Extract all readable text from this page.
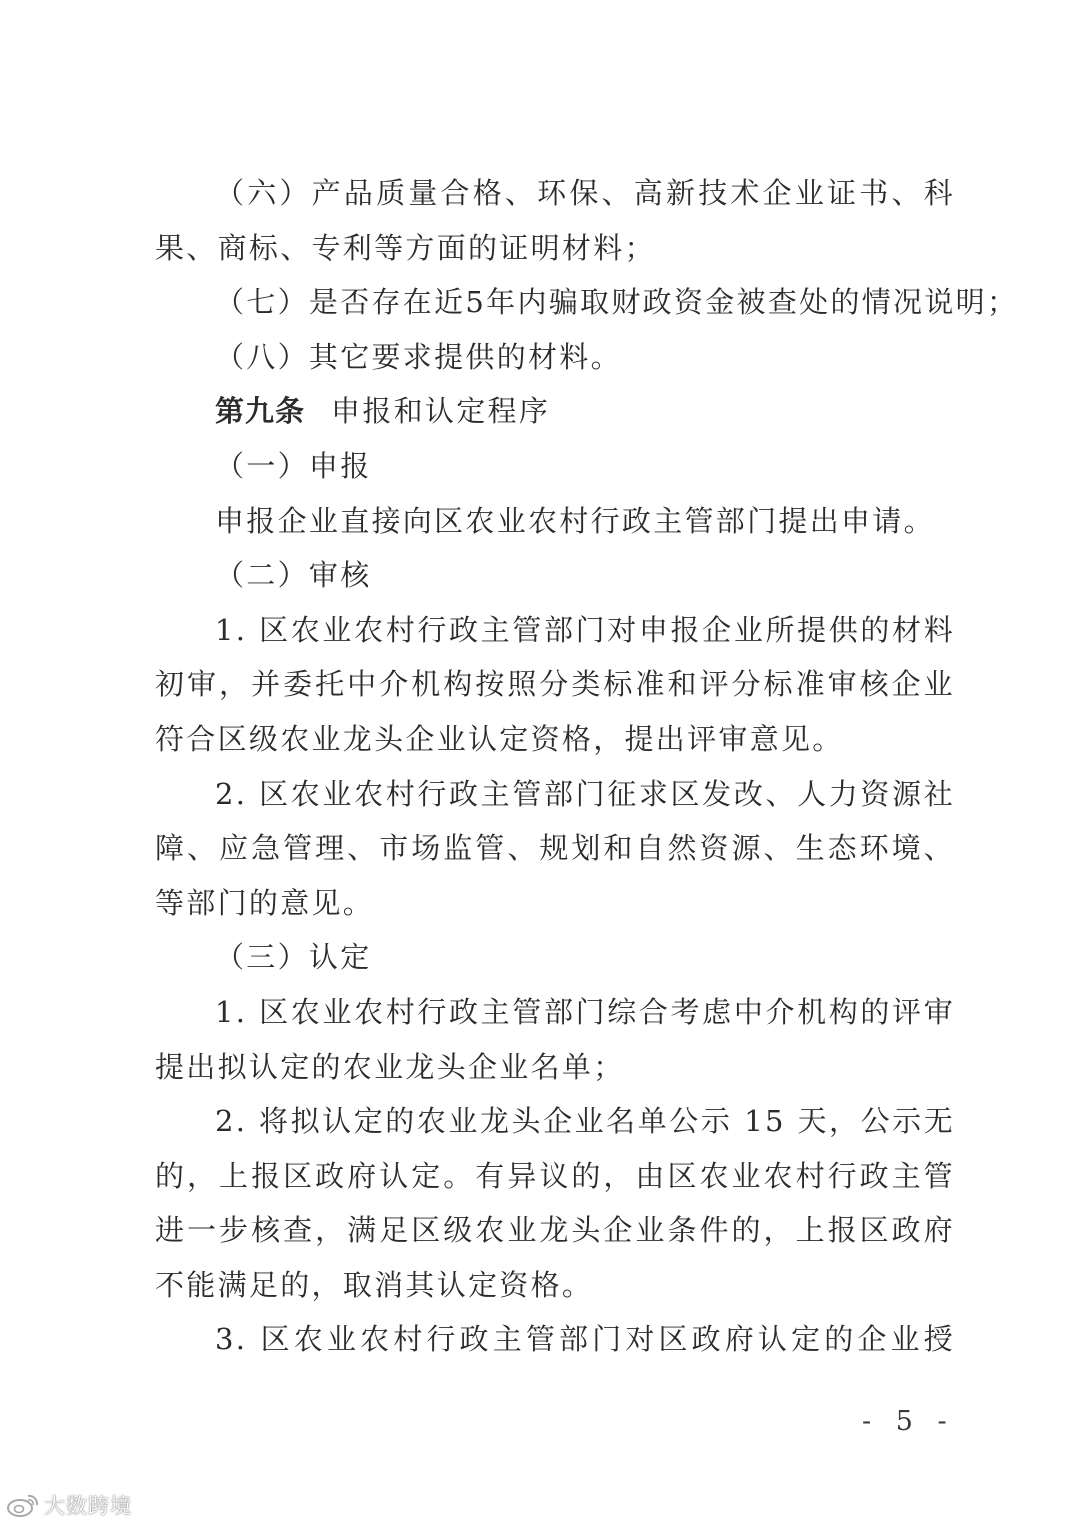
（六）产品质量合格、环保、高新技术企业证书、科
果、商标、专利等方面的证明材料；
（七）是否存在近5年内骗取财政资金被查处的情况说明；
（八）其它要求提供的材料。
第九条 申报和认定程序
（一）申报
申报企业直接向区农业农村行政主管部门提出申请。
（二）审核
1. 区农业农村行政主管部门对申报企业所提供的材料
初审，并委托中介机构按照分类标准和评分标准审核企业
符合区级农业龙头企业认定资格，提出评审意见。
2. 区农业农村行政主管部门征求区发改、人力资源社
障、应急管理、市场监管、规划和自然资源、生态环境、
等部门的意见。
（三）认定
1. 区农业农村行政主管部门综合考虑中介机构的评审
提出拟认定的农业龙头企业名单；
2. 将拟认定的农业龙头企业名单公示 15 天，公示无
的，上报区政府认定。有异议的，由区农业农村行政主管
进一步核查，满足区级农业龙头企业条件的，上报区政府
不能满足的，取消其认定资格。
3. 区农业农村行政主管部门对区政府认定的企业授
- 5 -
大数跨境
